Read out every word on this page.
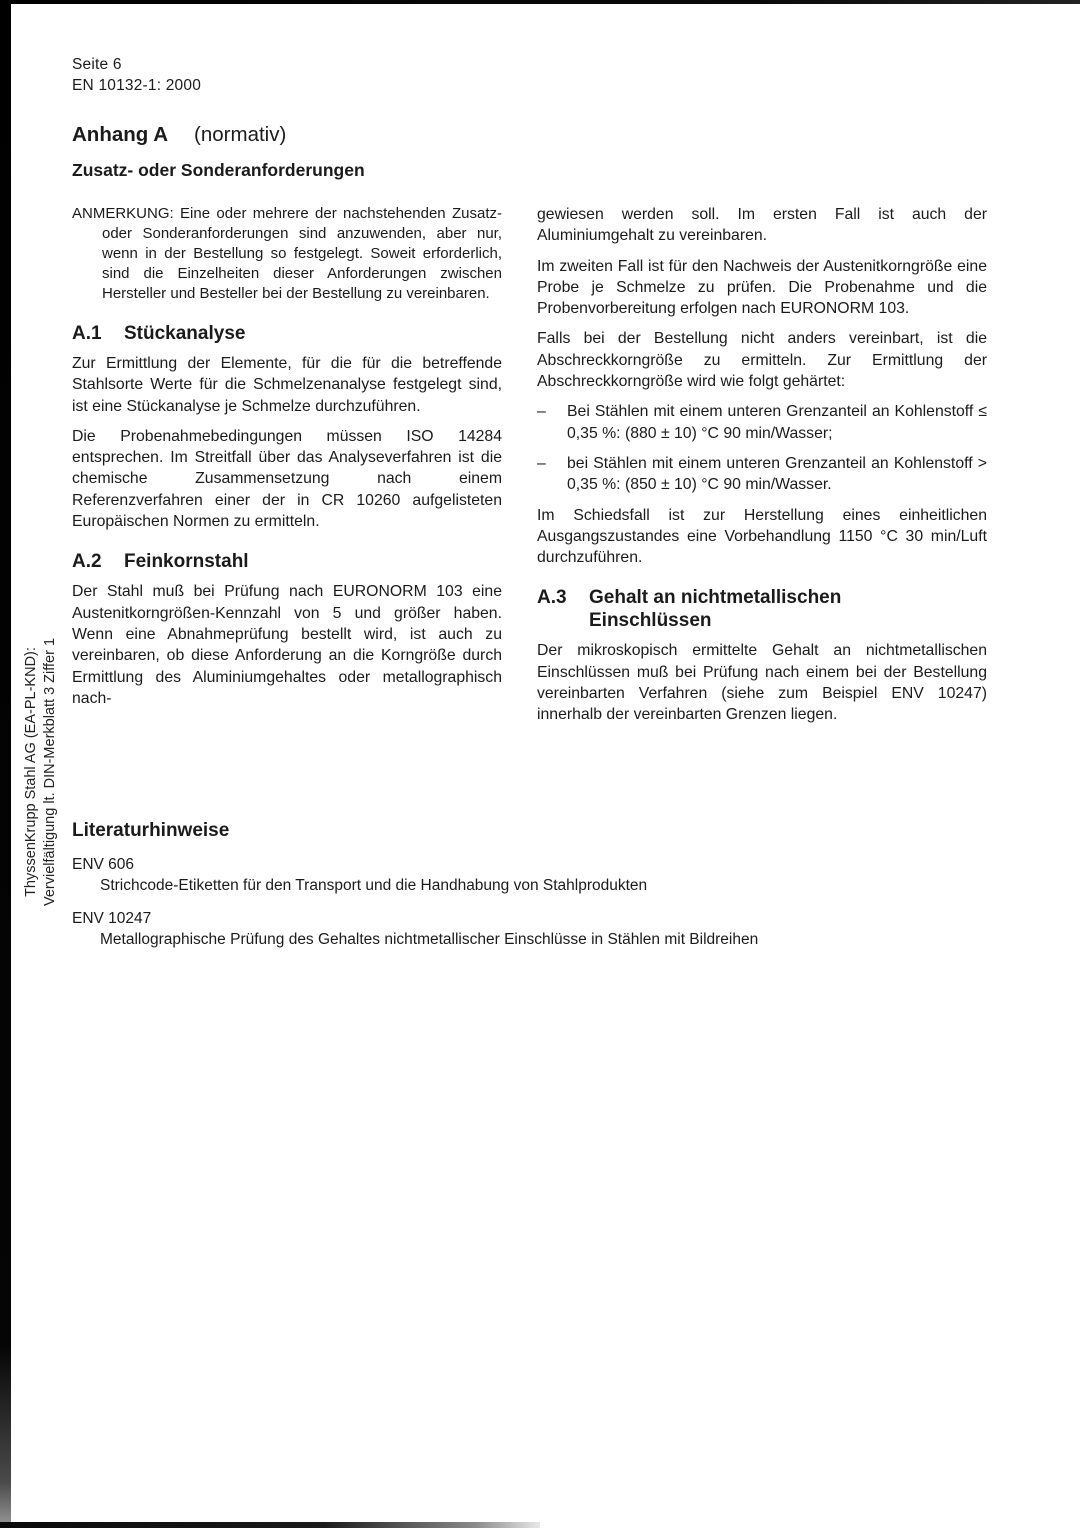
ThyssenKrupp Stahl AG (EA-PL-KND): Vervielfältigung lt. DIN-Merkblatt 3 Ziffer 1
Seite 6
EN 10132-1: 2000
Anhang A (normativ)
Zusatz- oder Sonderanforderungen

ANMERKUNG: Eine oder mehrere der nachstehenden Zusatz- oder Sonderanforderungen sind anzuwenden, aber nur, wenn in der Bestellung so festgelegt. Soweit erforderlich, sind die Einzelheiten dieser Anforderungen zwischen Hersteller und Besteller bei der Bestellung zu vereinbaren.

A.1	Stückanalyse

Zur Ermittlung der Elemente, für die für die betreffende Stahlsorte Werte für die Schmelzenanalyse festgelegt sind, ist eine Stückanalyse je Schmelze durchzuführen.

Die Probenahmebedingungen müssen ISO 14284 entsprechen. Im Streitfall über das Analyseverfahren ist die chemische Zusammensetzung nach einem Referenzverfahren einer der in CR 10260 aufgelisteten Europäischen Normen zu ermitteln.

A.2	Feinkornstahl

Der Stahl muß bei Prüfung nach EURONORM 103 eine Austenitkorngrößen-Kennzahl von 5 und größer haben. Wenn eine Abnahmeprüfung bestellt wird, ist auch zu vereinbaren, ob diese Anforderung an die Korngröße durch Ermittlung des Aluminiumgehaltes oder metallographisch nach-

gewiesen werden soll. Im ersten Fall ist auch der Aluminiumgehalt zu vereinbaren.

Im zweiten Fall ist für den Nachweis der Austenitkorngröße eine Probe je Schmelze zu prüfen. Die Probenahme und die Probenvorbereitung erfolgen nach EURONORM 103.

Falls bei der Bestellung nicht anders vereinbart, ist die Abschreckkorngröße zu ermitteln. Zur Ermittlung der Abschreckkorngröße wird wie folgt gehärtet:

–	Bei Stählen mit einem unteren Grenzanteil an Kohlenstoff ≤ 0,35 %: (880 ± 10) °C 90 min/Wasser;
–	bei Stählen mit einem unteren Grenzanteil an Kohlenstoff > 0,35 %: (850 ± 10) °C 90 min/Wasser.

Im Schiedsfall ist zur Herstellung eines einheitlichen Ausgangszustandes eine Vorbehandlung 1150 °C 30 min/Luft durchzuführen.

A.3	Gehalt an nichtmetallischen
Einschlüssen

Der mikroskopisch ermittelte Gehalt an nichtmetallischen Einschlüssen muß bei Prüfung nach einem bei der Bestellung vereinbarten Verfahren (siehe zum Beispiel ENV 10247) innerhalb der vereinbarten Grenzen liegen.

Literaturhinweise
ENV 606
Strichcode-Etiketten für den Transport und die Handhabung von Stahlprodukten
ENV 10247
Metallographische Prüfung des Gehaltes nichtmetallischer Einschlüsse in Stählen mit Bildreihen
